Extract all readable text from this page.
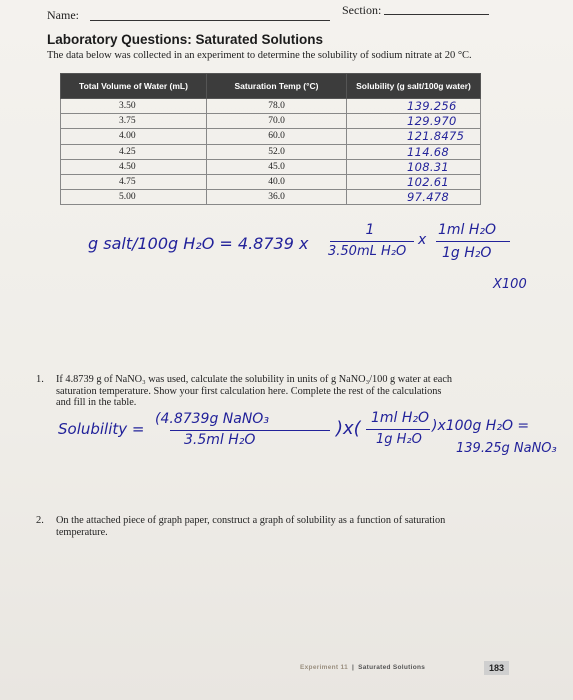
Name:	Section:
Laboratory Questions: Saturated Solutions
The data below was collected in an experiment to determine the solubility of sodium nitrate at 20 °C.
Total Volume of Water (mL)	Saturation Temp (°C)	Solubility (g salt/100g water)
3.50	78.0	139.256
3.75	70.0	129.970
4.00	60.0	121.8475
4.25	52.0	114.68
4.50	45.0	108.31
4.75	40.0	102.61
5.00	36.0	97.478
g salt/100g H₂O = 4.8739 x
1
3.50mL H₂O
x
1ml H₂O
1g H₂O
X100
1. If 4.8739 g of NaNO₃ was used, calculate the solubility in units of g NaNO₃/100 g water at each
saturation temperature. Show your first calculation here. Complete the rest of the calculations
and fill in the table.
Solubility =
(4.8739g NaNO₃
3.5ml H₂O
)x( 1ml H₂O
1g H₂O
)x100g H₂O =
139.25g NaNO₃
2. On the attached piece of graph paper, construct a graph of solubility as a function of saturation
temperature.
Experiment 11 | Saturated Solutions	183
